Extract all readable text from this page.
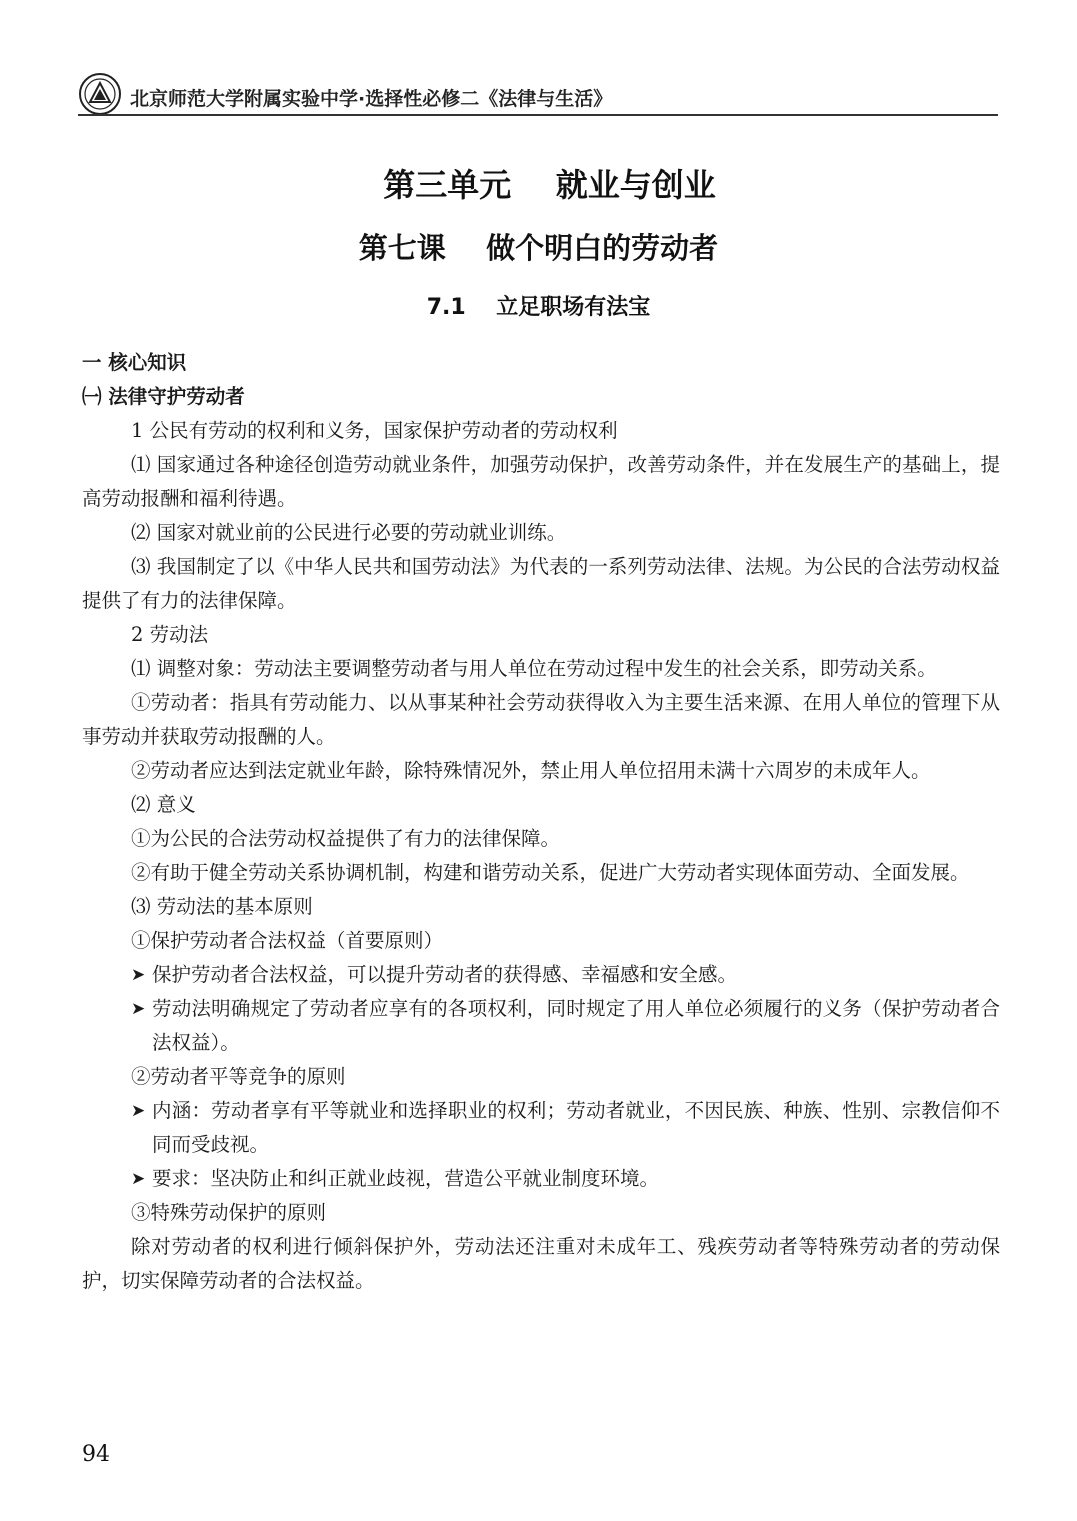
北京师范大学附属实验中学·选择性必修二《法律与生活》
第三单元    就业与创业
第七课    做个明白的劳动者
7.1    立足职场有法宝
一 核心知识
㈠ 法律守护劳动者
1 公民有劳动的权利和义务，国家保护劳动者的劳动权利
⑴ 国家通过各种途径创造劳动就业条件，加强劳动保护，改善劳动条件，并在发展生产的基础上，提高劳动报酬和福利待遇。
⑵ 国家对就业前的公民进行必要的劳动就业训练。
⑶ 我国制定了以《中华人民共和国劳动法》为代表的一系列劳动法律、法规。为公民的合法劳动权益提供了有力的法律保障。
2 劳动法
⑴ 调整对象：劳动法主要调整劳动者与用人单位在劳动过程中发生的社会关系，即劳动关系。
①劳动者：指具有劳动能力、以从事某种社会劳动获得收入为主要生活来源、在用人单位的管理下从事劳动并获取劳动报酬的人。
②劳动者应达到法定就业年龄，除特殊情况外，禁止用人单位招用未满十六周岁的未成年人。
⑵ 意义
①为公民的合法劳动权益提供了有力的法律保障。
②有助于健全劳动关系协调机制，构建和谐劳动关系，促进广大劳动者实现体面劳动、全面发展。
⑶ 劳动法的基本原则
①保护劳动者合法权益（首要原则）
➤ 保护劳动者合法权益，可以提升劳动者的获得感、幸福感和安全感。
➤ 劳动法明确规定了劳动者应享有的各项权利，同时规定了用人单位必须履行的义务（保护劳动者合法权益）。
②劳动者平等竞争的原则
➤ 内涵：劳动者享有平等就业和选择职业的权利；劳动者就业，不因民族、种族、性别、宗教信仰不同而受歧视。
➤ 要求：坚决防止和纠正就业歧视，营造公平就业制度环境。
③特殊劳动保护的原则
除对劳动者的权利进行倾斜保护外，劳动法还注重对未成年工、残疾劳动者等特殊劳动者的劳动保护，切实保障劳动者的合法权益。
94
